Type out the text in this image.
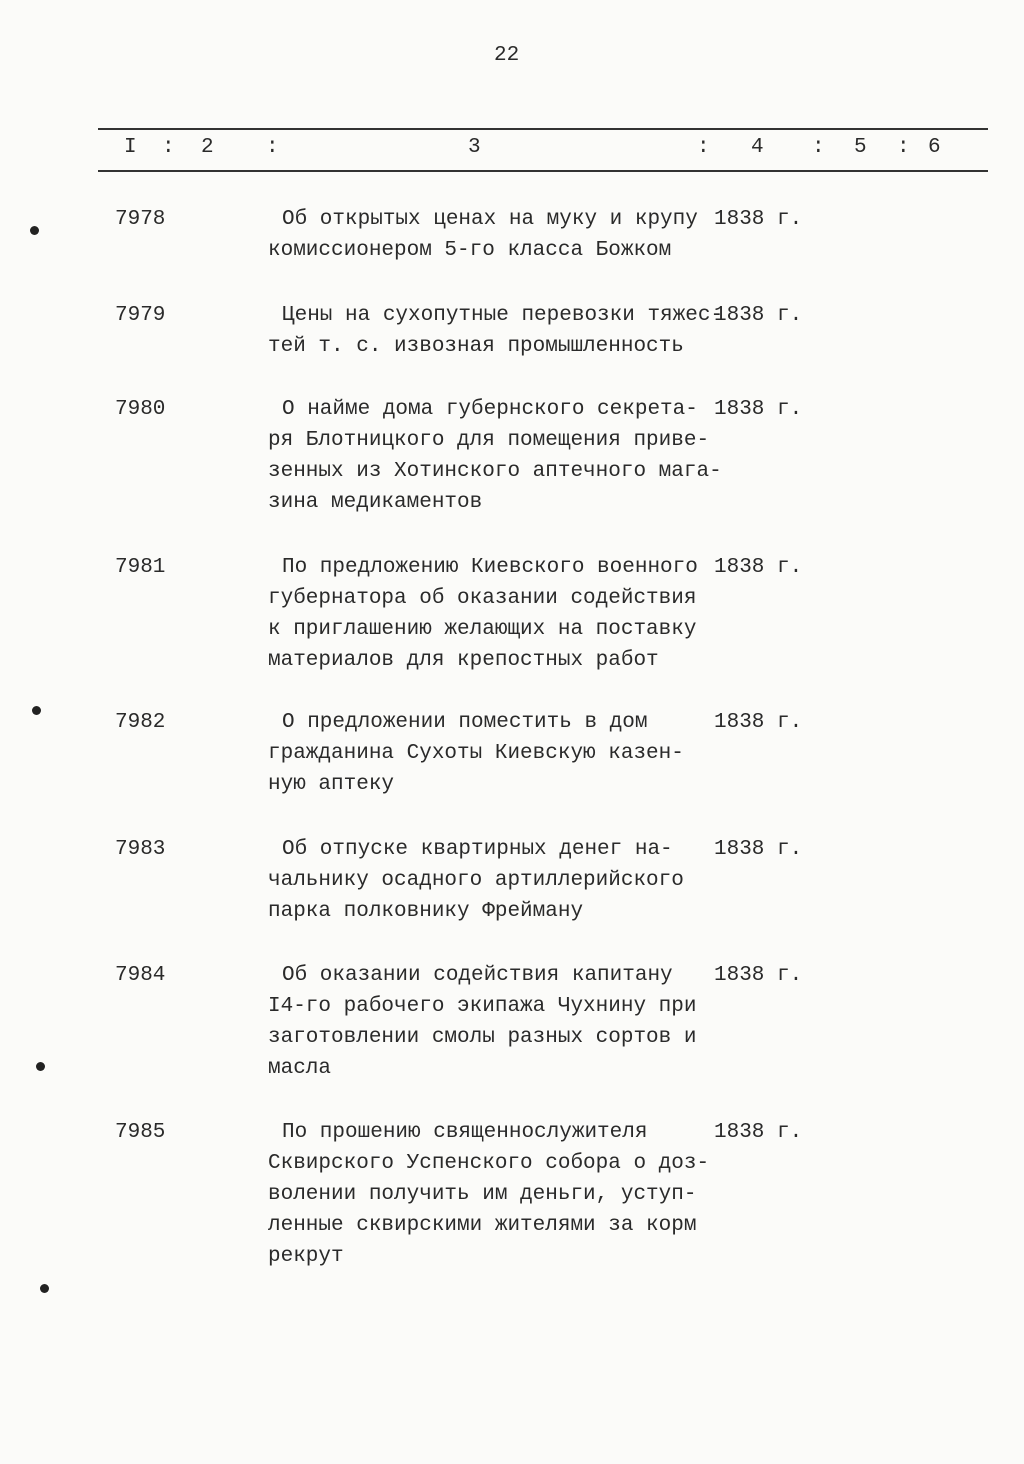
22
I : 2 :	3	: 4 : 5 : 6
7978	Об открытых ценах на муку и крупу
комиссионером 5-го класса Божком
1838 г.
7979	Цены на сухопутные перевозки тяжес-
тей т. с. извозная промышленность
1838 г.
7980	О найме дома губернского секрета-
ря Блотницкого для помещения приве-
зенных из Хотинского аптечного мага-
зина медикаментов
1838 г.
7981	По предложению Киевского военного
губернатора об оказании содействия
к приглашению желающих на поставку
материалов для крепостных работ
1838 г.
7982	О предложении поместить в дом
гражданина Сухоты Киевскую казен-
ную аптеку
1838 г.
7983	Об отпуске квартирных денег на-
чальнику осадного артиллерийского
парка полковнику Фрейману
1838 г.
7984	Об оказании содействия капитану
I4-го рабочего экипажа Чухнину при
заготовлении смолы разных сортов и
масла
1838 г.
7985	По прошению священнослужителя
Сквирского Успенского собора о доз-
волении получить им деньги, уступ-
ленные сквирскими жителями за корм
рекрут
1838 г.
